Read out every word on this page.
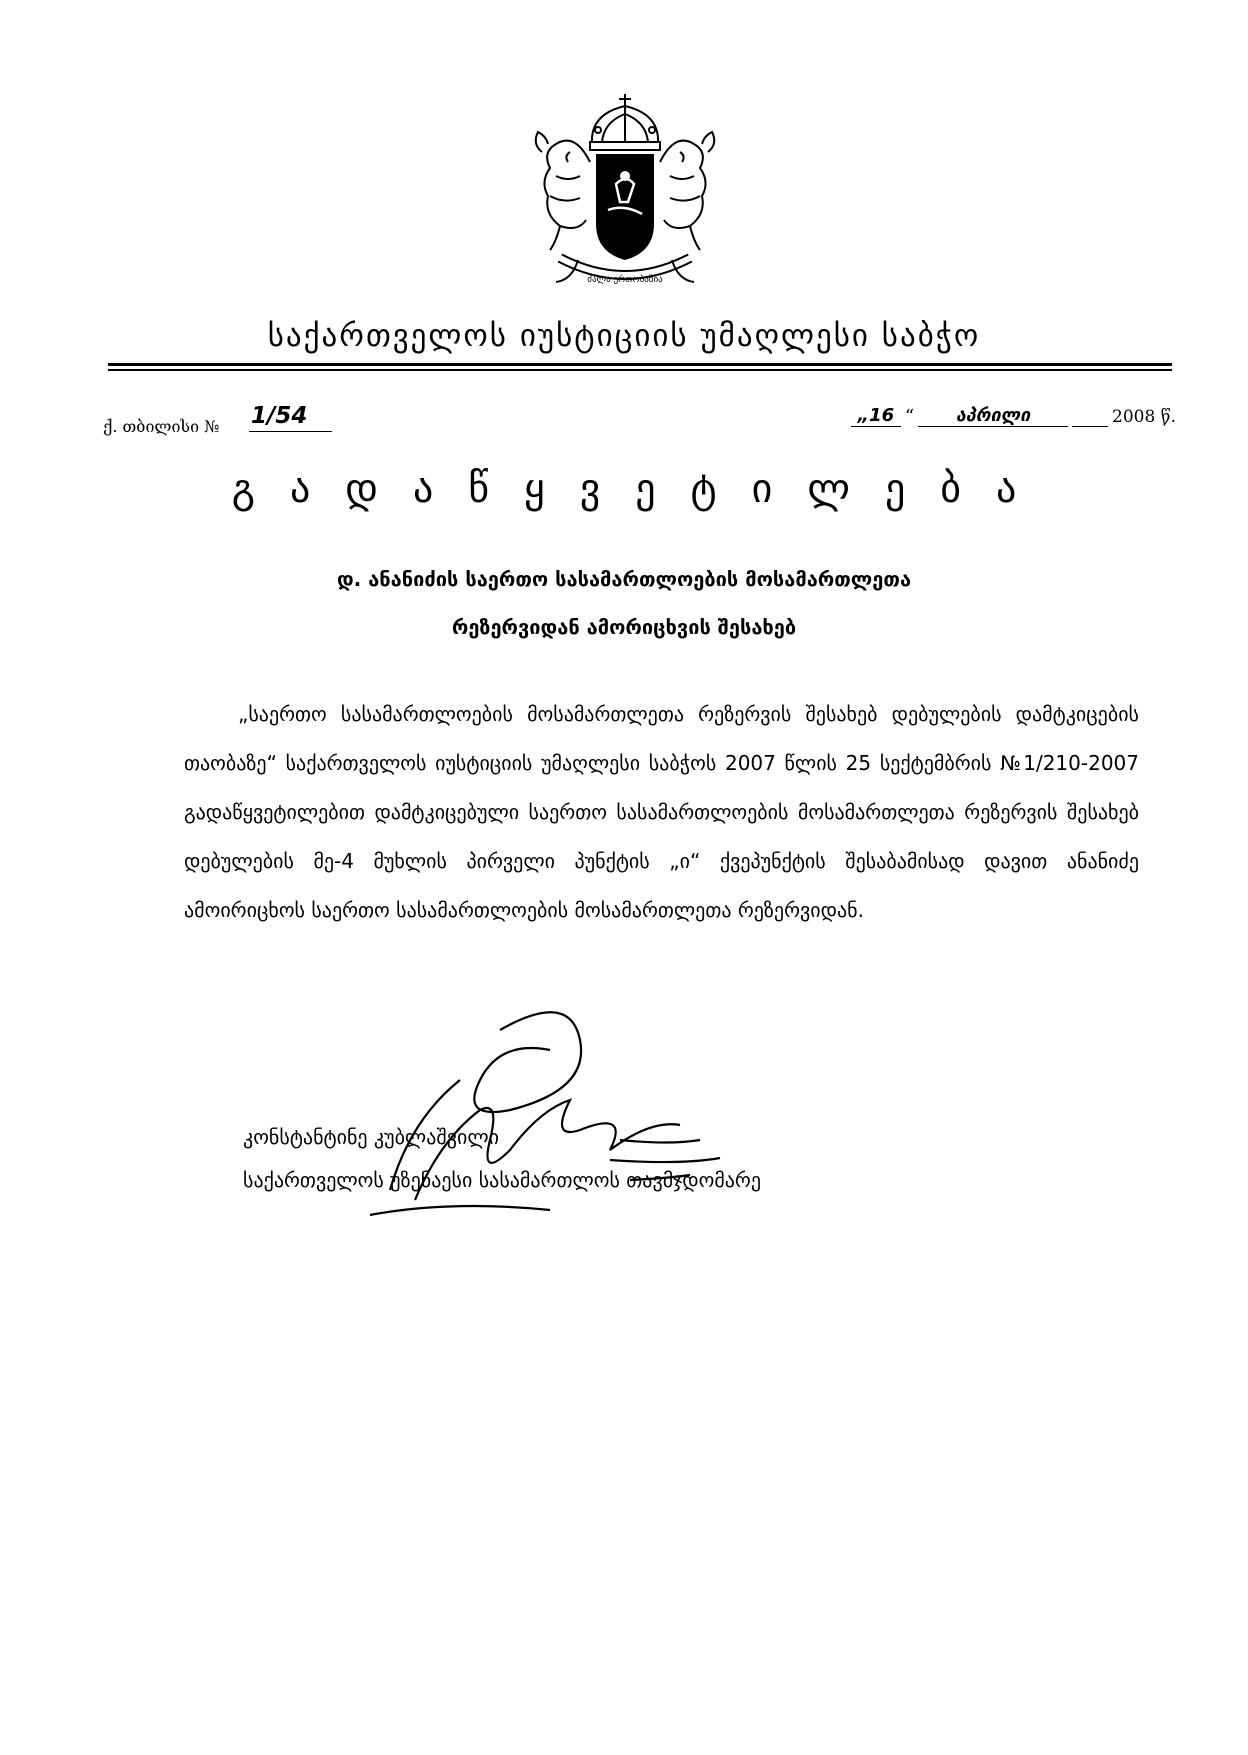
ძალა ერთობაშია
საქართველოს იუსტიციის უმაღლესი საბჭო
ქ. თბილისი № 1/54	„16 “	აპრილი	2008 წ.
გადაწყვეტილება
დ. ანანიძის საერთო სასამართლოების მოსამართლეთა
რეზერვიდან ამორიცხვის შესახებ
„საერთო სასამართლოების მოსამართლეთა რეზერვის შესახებ დებულების დამტკიცების თაობაზე“ საქართველოს იუსტიციის უმაღლესი საბჭოს 2007 წლის 25 სექტემბრის №1/210-2007 გადაწყვეტილებით დამტკიცებული საერთო სასამართლოების მოსამართლეთა რეზერვის შესახებ დებულების მე-4 მუხლის პირველი პუნქტის „ი“ ქვეპუნქტის შესაბამისად დავით ანანიძე ამოირიცხოს საერთო სასამართლოების მოსამართლეთა რეზერვიდან.
კონსტანტინე კუბლაშვილი
საქართველოს უზენაესი სასამართლოს თავმჯდომარე
